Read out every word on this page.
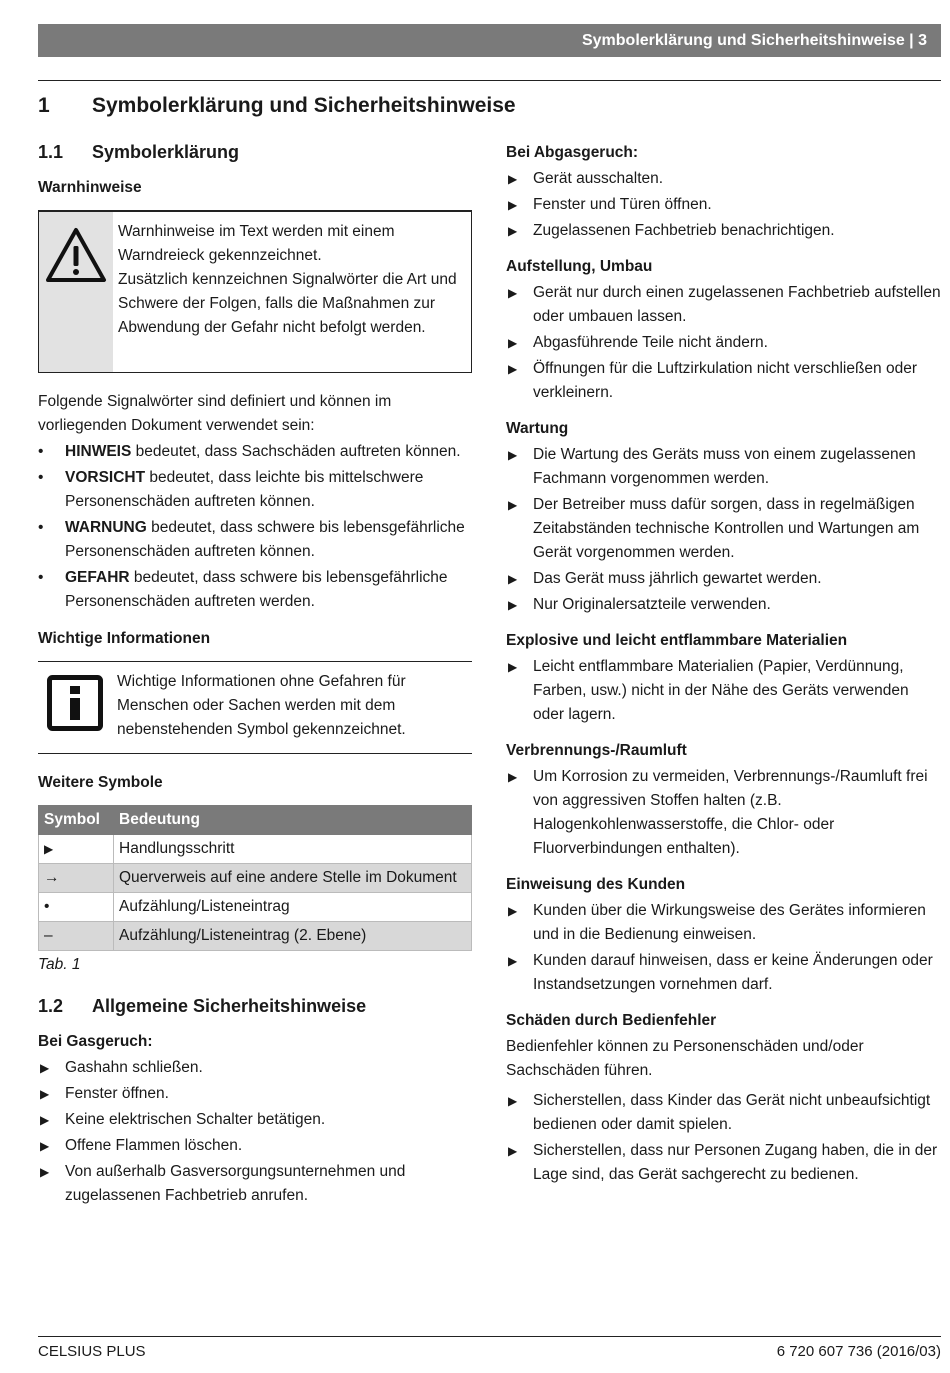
Symbolerklärung und Sicherheitshinweise | 3
1 Symbolerklärung und Sicherheitshinweise
1.1 Symbolerklärung
Warnhinweise

Warnhinweise im Text werden mit einem Warndreieck gekennzeichnet.

Zusätzlich kennzeichnen Signalwörter die Art und Schwere der Folgen, falls die Maßnahmen zur Abwendung der Gefahr nicht befolgt werden.

Folgende Signalwörter sind definiert und können im vorliegenden Dokument verwendet sein:

• HINWEIS bedeutet, dass Sachschäden auftreten können.
• VORSICHT bedeutet, dass leichte bis mittelschwere Personenschäden auftreten können.
• WARNUNG bedeutet, dass schwere bis lebensgefährliche Personenschäden auftreten können.
• GEFAHR bedeutet, dass schwere bis lebensgefährliche Personenschäden auftreten werden.
Wichtige Informationen
Wichtige Informationen ohne Gefahren für Menschen oder Sachen werden mit dem nebenstehenden Symbol gekennzeichnet.
Weitere Symbole
Symbol	Bedeutung
▶	Handlungsschritt
→	Querverweis auf eine andere Stelle im Dokument
•	Aufzählung/Listeneintrag
–	Aufzählung/Listeneintrag (2. Ebene)
Tab. 1
1.2 Allgemeine Sicherheitshinweise
Bei Gasgeruch:
▶ Gashahn schließen.
▶ Fenster öffnen.
▶ Keine elektrischen Schalter betätigen.
▶ Offene Flammen löschen.
▶ Von außerhalb Gasversorgungsunternehmen und zugelassenen Fachbetrieb anrufen.
Bei Abgasgeruch:
▶ Gerät ausschalten.
▶ Fenster und Türen öffnen.
▶ Zugelassenen Fachbetrieb benachrichtigen.
Aufstellung, Umbau
▶ Gerät nur durch einen zugelassenen Fachbetrieb aufstellen oder umbauen lassen.
▶ Abgasführende Teile nicht ändern.
▶ Öffnungen für die Luftzirkulation nicht verschließen oder verkleinern.
Wartung
▶ Die Wartung des Geräts muss von einem zugelassenen Fachmann vorgenommen werden.
▶ Der Betreiber muss dafür sorgen, dass in regelmäßigen Zeitabständen technische Kontrollen und Wartungen am Gerät vorgenommen werden.
▶ Das Gerät muss jährlich gewartet werden.
▶ Nur Originalersatzteile verwenden.
Explosive und leicht entflammbare Materialien
▶ Leicht entflammbare Materialien (Papier, Verdünnung, Farben, usw.) nicht in der Nähe des Geräts verwenden oder lagern.
Verbrennungs-/Raumluft
▶ Um Korrosion zu vermeiden, Verbrennungs-/Raumluft frei von aggressiven Stoffen halten (z.B. Halogenkohlenwasserstoffe, die Chlor- oder Fluorverbindungen enthalten).
Einweisung des Kunden
▶ Kunden über die Wirkungsweise des Gerätes informieren und in die Bedienung einweisen.
▶ Kunden darauf hinweisen, dass er keine Änderungen oder Instandsetzungen vornehmen darf.
Schäden durch Bedienfehler

Bedienfehler können zu Personenschäden und/oder Sachschäden führen.

▶ Sicherstellen, dass Kinder das Gerät nicht unbeaufsichtigt bedienen oder damit spielen.
▶ Sicherstellen, dass nur Personen Zugang haben, die in der Lage sind, das Gerät sachgerecht zu bedienen.
CELSIUS PLUS	6 720 607 736 (2016/03)
